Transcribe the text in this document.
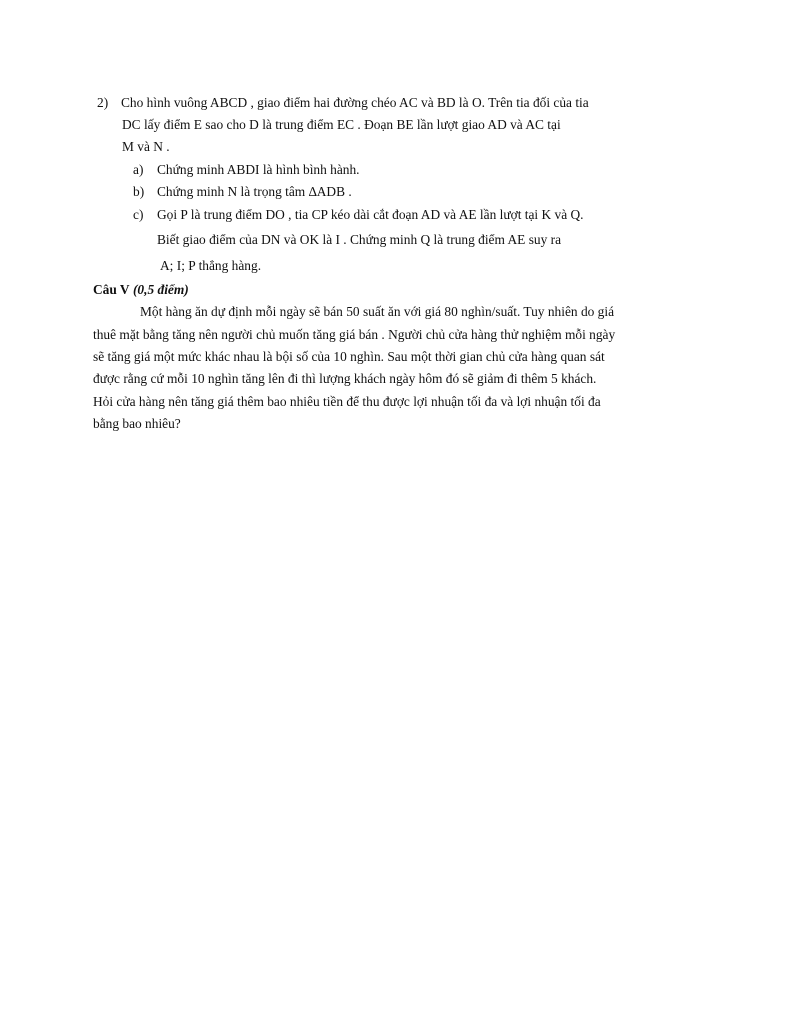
2) Cho hình vuông ABCD , giao điểm hai đường chéo AC và BD là O. Trên tia đối của tia
DC lấy điểm E sao cho D là trung điểm EC . Đoạn BE lần lượt giao AD và AC tại
M và N .
a) Chứng minh ABDI là hình bình hành.
b) Chứng minh N là trọng tâm ∆ADB .
c) Gọi P là trung điểm DO , tia CP kéo dài cắt đoạn AD và AE lần lượt tại K và Q.
Biết giao điểm của DN và OK là I . Chứng minh Q là trung điểm AE suy ra
A; I; P thẳng hàng.
Câu V (0,5 điểm)
Một hàng ăn dự định mỗi ngày sẽ bán 50 suất ăn với giá 80 nghìn/suất. Tuy nhiên do giá
thuê mặt bằng tăng nên người chủ muốn tăng giá bán . Người chủ cửa hàng thử nghiệm mỗi ngày
sẽ tăng giá một mức khác nhau là bội số của 10 nghìn. Sau một thời gian chủ cửa hàng quan sát
được rằng cứ mỗi 10 nghìn tăng lên đi thì lượng khách ngày hôm đó sẽ giảm đi thêm 5 khách.
Hỏi cửa hàng nên tăng giá thêm bao nhiêu tiền để thu được lợi nhuận tối đa và lợi nhuận tối đa
bằng bao nhiêu?
